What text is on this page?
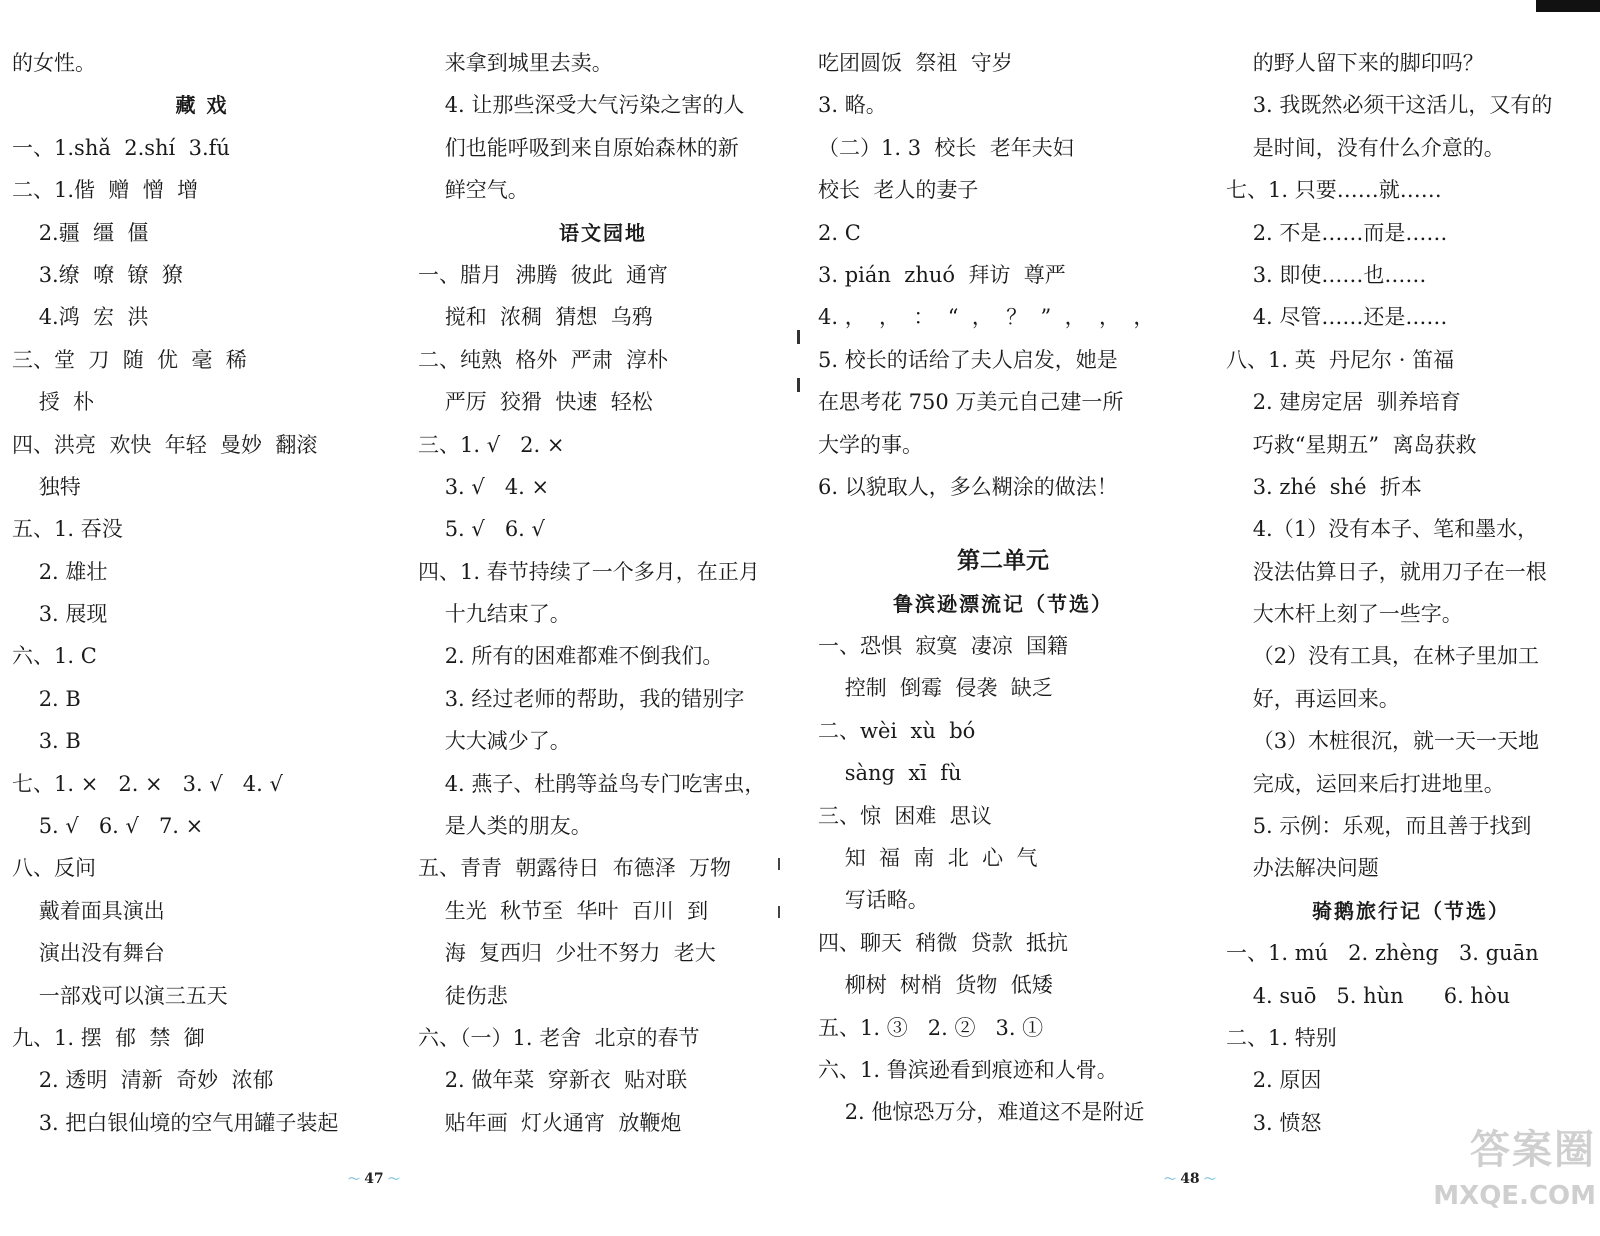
的女性。
藏 戏
一、1.shǎ  2.shí  3.fú
二、1.偕  赠  憎  增
2.疆  缰  僵
3.缭  嘹  镣  獠
4.鸿  宏  洪
三、堂  刀  随  优  毫  稀
授  朴
四、洪亮  欢快  年轻  曼妙  翻滚
独特
五、1. 吞没
2. 雄壮
3. 展现
六、1. C
2. B
3. B
七、1. ×   2. ×   3. √   4. √
5. √   6. √   7. ×
八、反问
戴着面具演出
演出没有舞台
一部戏可以演三五天
九、1. 摆  郁  禁  御
2. 透明  清新  奇妙  浓郁
3. 把白银仙境的空气用罐子装起
来拿到城里去卖。
4. 让那些深受大气污染之害的人
们也能呼吸到来自原始森林的新
鲜空气。
语文园地
一、腊月  沸腾  彼此  通宵
搅和  浓稠  猜想  乌鸦
二、纯熟  格外  严肃  淳朴
严厉  狡猾  快速  轻松
三、1. √   2. ×
3. √   4. ×
5. √   6. √
四、1. 春节持续了一个多月，在正月
十九结束了。
2. 所有的困难都难不倒我们。
3. 经过老师的帮助，我的错别字
大大减少了。
4. 燕子、杜鹃等益鸟专门吃害虫，
是人类的朋友。
五、青青  朝露待日  布德泽  万物
生光  秋节至  华叶  百川  到
海  复西归  少壮不努力  老大
徒伤悲
六、（一）1. 老舍  北京的春节
2. 做年菜  穿新衣  贴对联
贴年画  灯火通宵  放鞭炮
吃团圆饭  祭祖  守岁
3. 略。
（二）1. 3  校长  老年夫妇
校长  老人的妻子
2. C
3. pián  zhuó  拜访  尊严
4. ，  ，  ：  “  ，  ？  ”  ，  ，  ，
5. 校长的话给了夫人启发，她是
在思考花 750 万美元自己建一所
大学的事。
6. 以貌取人，多么糊涂的做法！
第二单元
鲁滨逊漂流记（节选）
一、恐惧  寂寞  凄凉  国籍
控制  倒霉  侵袭  缺乏
二、wèi  xù  bó
sàng  xī  fù
三、惊  困难  思议
知  福  南  北  心  气
写话略。
四、聊天  稍微  贷款  抵抗
柳树  树梢  货物  低矮
五、1. ③   2. ②   3. ①
六、1. 鲁滨逊看到痕迹和人骨。
2. 他惊恐万分，难道这不是附近
的野人留下来的脚印吗？
3. 我既然必须干这活儿，又有的
是时间，没有什么介意的。
七、1. 只要……就……
2. 不是……而是……
3. 即使……也……
4. 尽管……还是……
八、1. 英  丹尼尔 · 笛福
2. 建房定居  驯养培育
巧救“星期五”  离岛获救
3. zhé  shé  折本
4.（1）没有本子、笔和墨水，
没法估算日子，就用刀子在一根
大木杆上刻了一些字。
（2）没有工具，在林子里加工
好，再运回来。
（3）木桩很沉，就一天一天地
完成，运回来后打进地里。
5. 示例：乐观，而且善于找到
办法解决问题
骑鹅旅行记（节选）
一、1. mú   2. zhèng   3. guān
4. suō   5. hùn      6. hòu
二、1. 特别
2. 原因
3. 愤怒
～ 47 ～	～ 48 ～
答案圈
MXQE.COM
